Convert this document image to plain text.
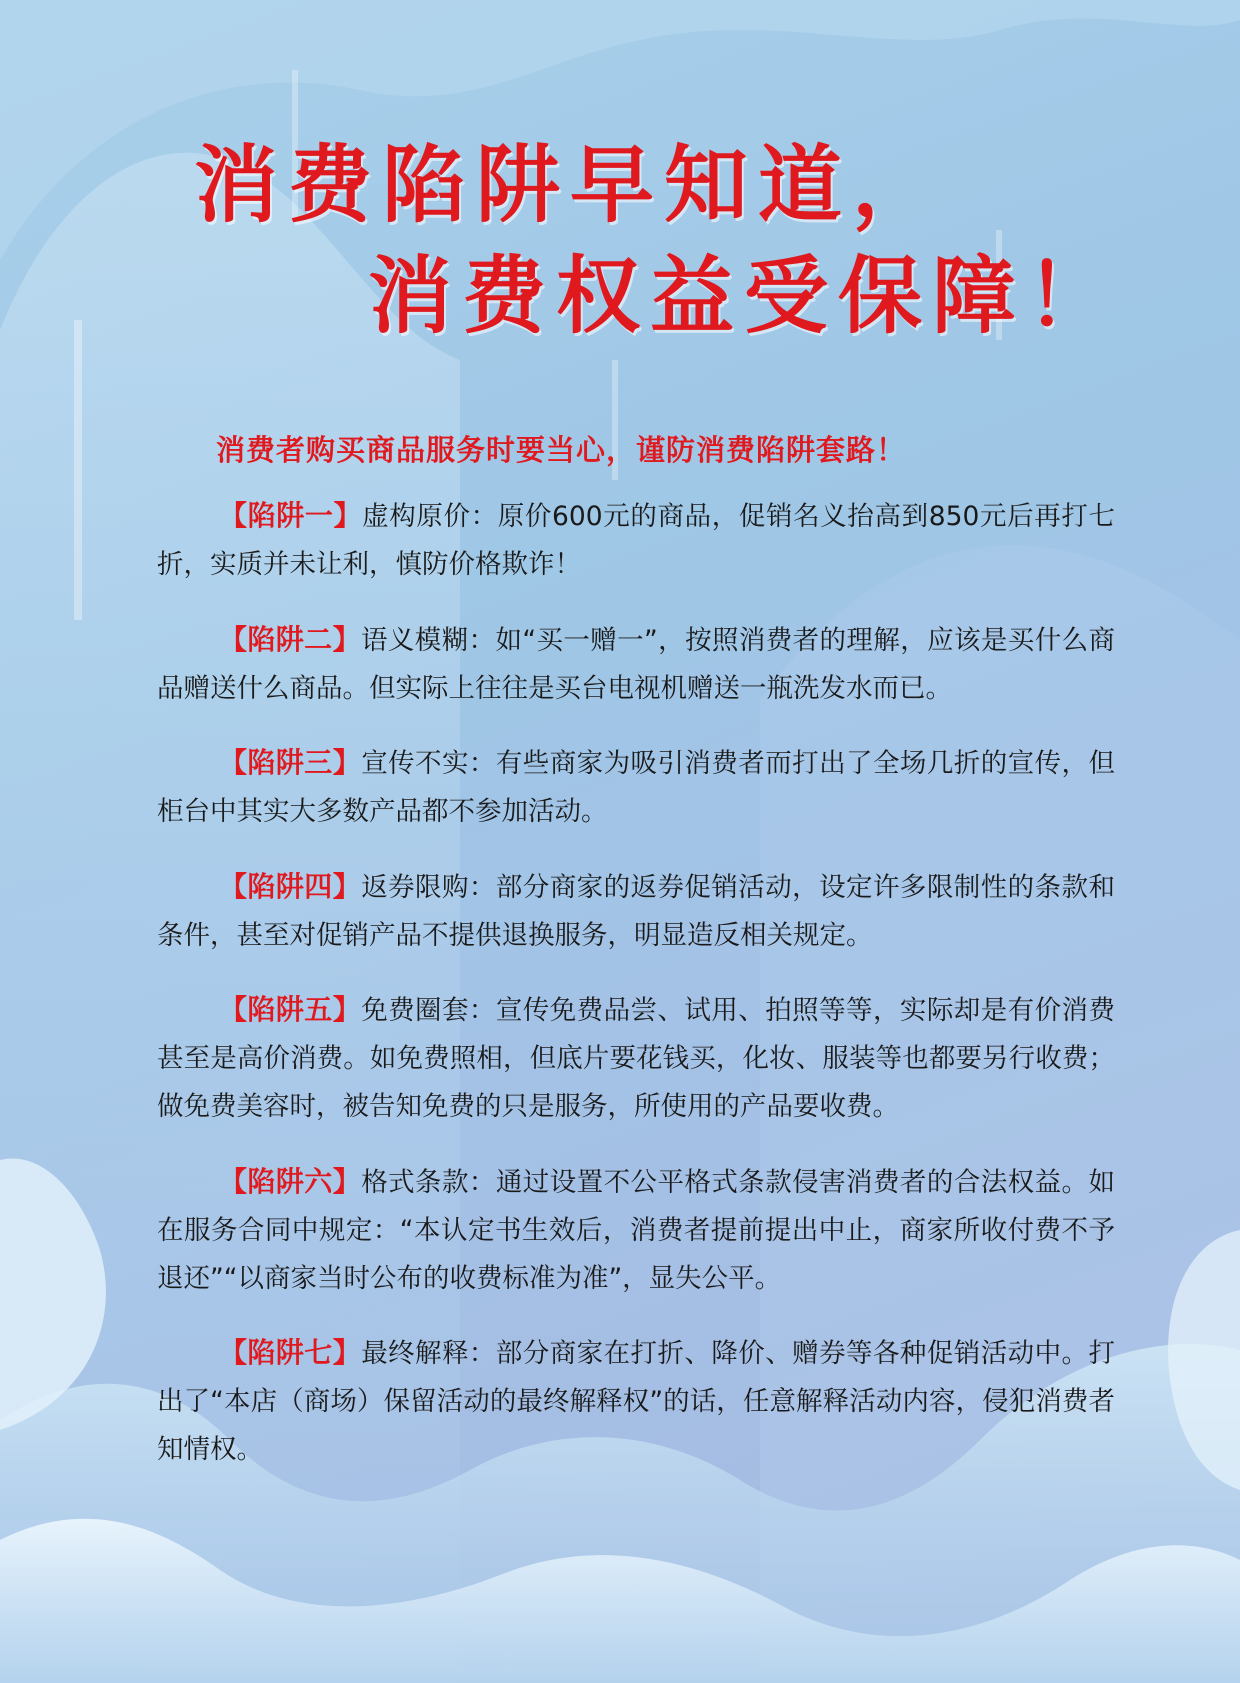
消费陷阱早知道，
消费权益受保障！
消费者购买商品服务时要当心，谨防消费陷阱套路！

【陷阱一】虚构原价：原价600元的商品，促销名义抬高到850元后再打七折，实质并未让利，慎防价格欺诈！

【陷阱二】语义模糊：如“买一赠一”，按照消费者的理解，应该是买什么商品赠送什么商品。但实际上往往是买台电视机赠送一瓶洗发水而已。

【陷阱三】宣传不实：有些商家为吸引消费者而打出了全场几折的宣传，但柜台中其实大多数产品都不参加活动。

【陷阱四】返券限购：部分商家的返券促销活动，设定许多限制性的条款和条件，甚至对促销产品不提供退换服务，明显造反相关规定。

【陷阱五】免费圈套：宣传免费品尝、试用、拍照等等，实际却是有价消费甚至是高价消费。如免费照相，但底片要花钱买，化妆、服装等也都要另行收费；做免费美容时，被告知免费的只是服务，所使用的产品要收费。

【陷阱六】格式条款：通过设置不公平格式条款侵害消费者的合法权益。如在服务合同中规定：“本认定书生效后，消费者提前提出中止，商家所收付费不予退还”“以商家当时公布的收费标准为准”，显失公平。

【陷阱七】最终解释：部分商家在打折、降价、赠券等各种促销活动中。打出了“本店（商场）保留活动的最终解释权”的话，任意解释活动内容，侵犯消费者知情权。
